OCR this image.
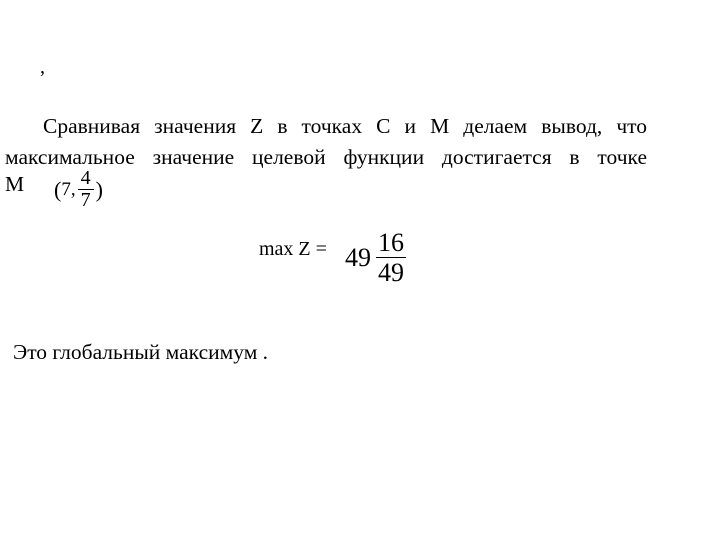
,
Сравнивая значения Z в точках C и M делаем вывод, что
максимальное значение целевой функции достигается в точке
M ( 7 , $\frac{4}{7}$ )
$\max Z = 49 \frac{16}{49}$
Это глобальный максимум .
